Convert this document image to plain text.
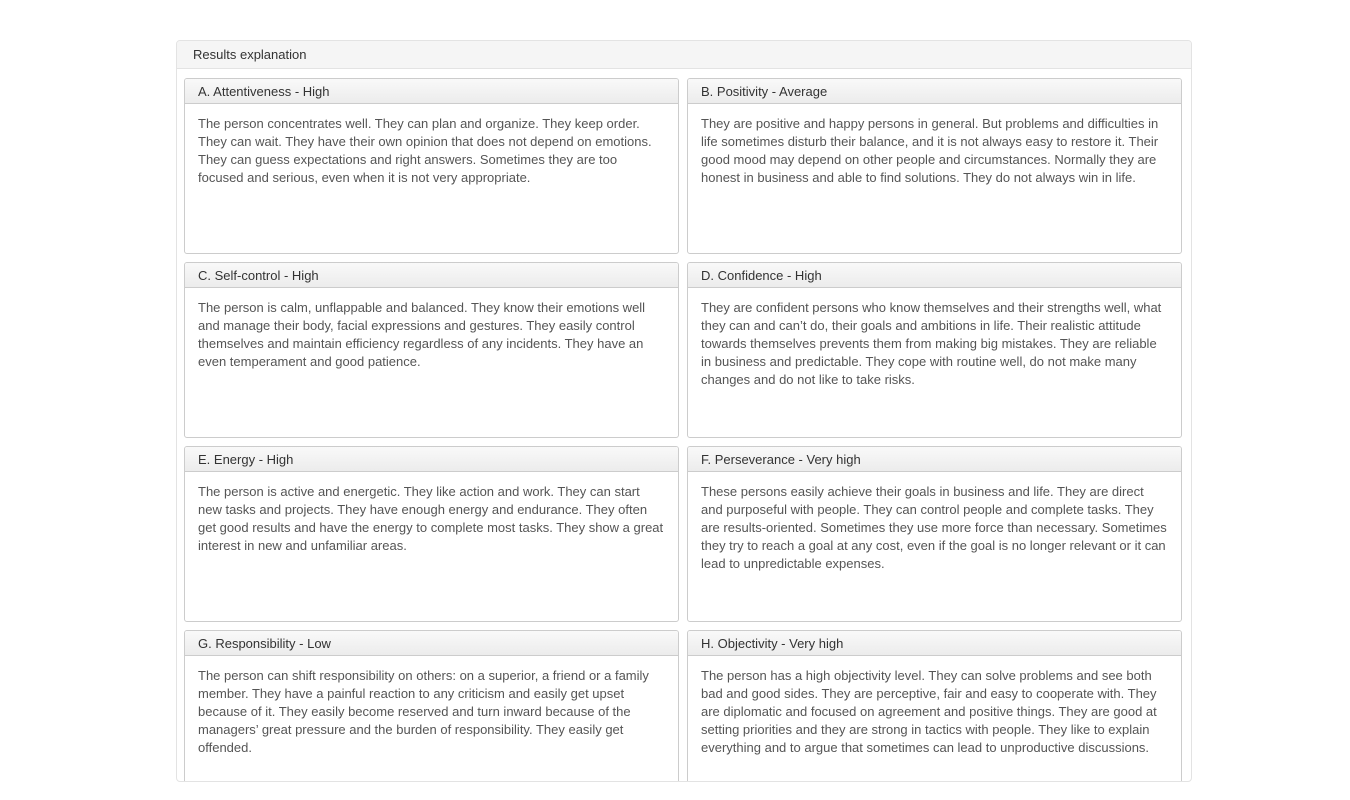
Results explanation
A. Attentiveness - High

The person concentrates well. They can plan and organize. They keep order. They can wait. They have their own opinion that does not depend on emotions. They can guess expectations and right answers. Sometimes they are too focused and serious, even when it is not very appropriate.

B. Positivity - Average

They are positive and happy persons in general. But problems and difficulties in life sometimes disturb their balance, and it is not always easy to restore it. Their good mood may depend on other people and circumstances. Normally they are honest in business and able to find solutions. They do not always win in life.

C. Self-control - High

The person is calm, unflappable and balanced. They know their emotions well and manage their body, facial expressions and gestures. They easily control themselves and maintain efficiency regardless of any incidents. They have an even temperament and good patience.

D. Confidence - High

They are confident persons who know themselves and their strengths well, what they can and can’t do, their goals and ambitions in life. Their realistic attitude towards themselves prevents them from making big mistakes. They are reliable in business and predictable. They cope with routine well, do not make many changes and do not like to take risks.

E. Energy - High

The person is active and energetic. They like action and work. They can start new tasks and projects. They have enough energy and endurance. They often get good results and have the energy to complete most tasks. They show a great interest in new and unfamiliar areas.

F. Perseverance - Very high

These persons easily achieve their goals in business and life. They are direct and purposeful with people. They can control people and complete tasks. They are results-oriented. Sometimes they use more force than necessary. Sometimes they try to reach a goal at any cost, even if the goal is no longer relevant or it can lead to unpredictable expenses.

G. Responsibility - Low

The person can shift responsibility on others: on a superior, a friend or a family member. They have a painful reaction to any criticism and easily get upset because of it. They easily become reserved and turn inward because of the managers’ great pressure and the burden of responsibility. They easily get offended.

H. Objectivity - Very high

The person has a high objectivity level. They can solve problems and see both bad and good sides. They are perceptive, fair and easy to cooperate with. They are diplomatic and focused on agreement and positive things. They are good at setting priorities and they are strong in tactics with people. They like to explain everything and to argue that sometimes can lead to unproductive discussions.
